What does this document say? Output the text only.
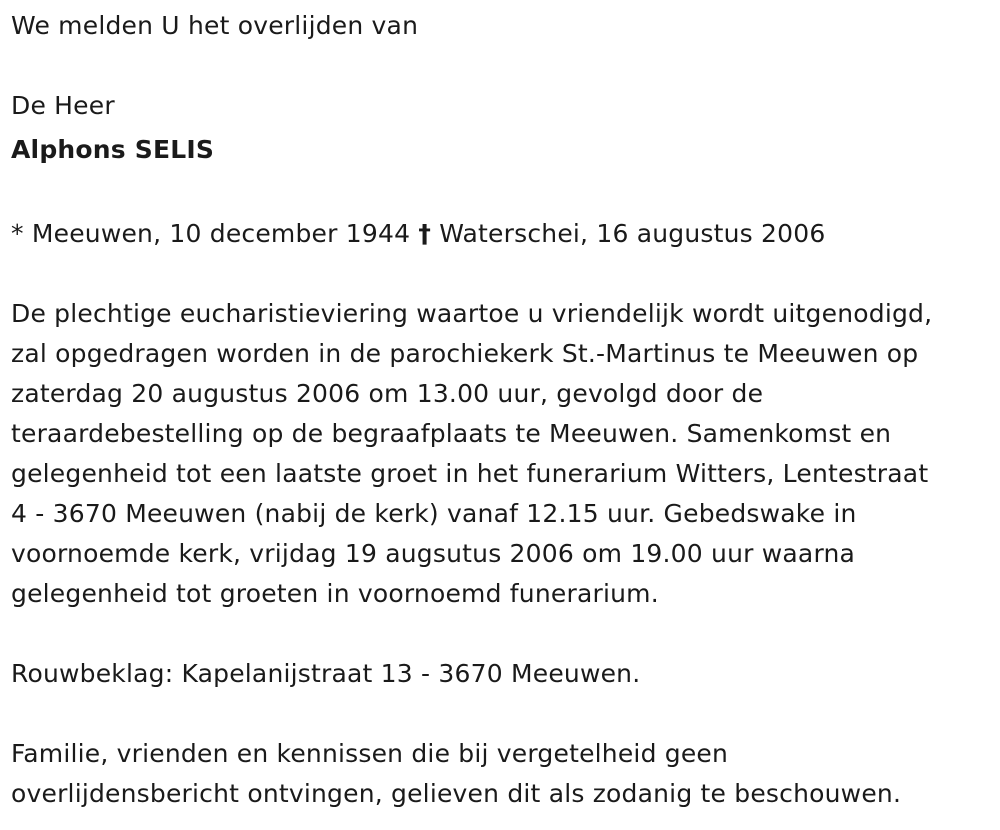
We melden U het overlijden van
De Heer
Alphons SELIS
* Meeuwen, 10 december 1944 † Waterschei, 16 augustus 2006
De plechtige eucharistieviering waartoe u vriendelijk wordt uitgenodigd,
zal opgedragen worden in de parochiekerk St.-Martinus te Meeuwen op
zaterdag 20 augustus 2006 om 13.00 uur, gevolgd door de
teraardebestelling op de begraafplaats te Meeuwen. Samenkomst en
gelegenheid tot een laatste groet in het funerarium Witters, Lentestraat
4 - 3670 Meeuwen (nabij de kerk) vanaf 12.15 uur. Gebedswake in
voornoemde kerk, vrijdag 19 augsutus 2006 om 19.00 uur waarna
gelegenheid tot groeten in voornoemd funerarium.
Rouwbeklag: Kapelanijstraat 13 - 3670 Meeuwen.
Familie, vrienden en kennissen die bij vergetelheid geen
overlijdensbericht ontvingen, gelieven dit als zodanig te beschouwen.
